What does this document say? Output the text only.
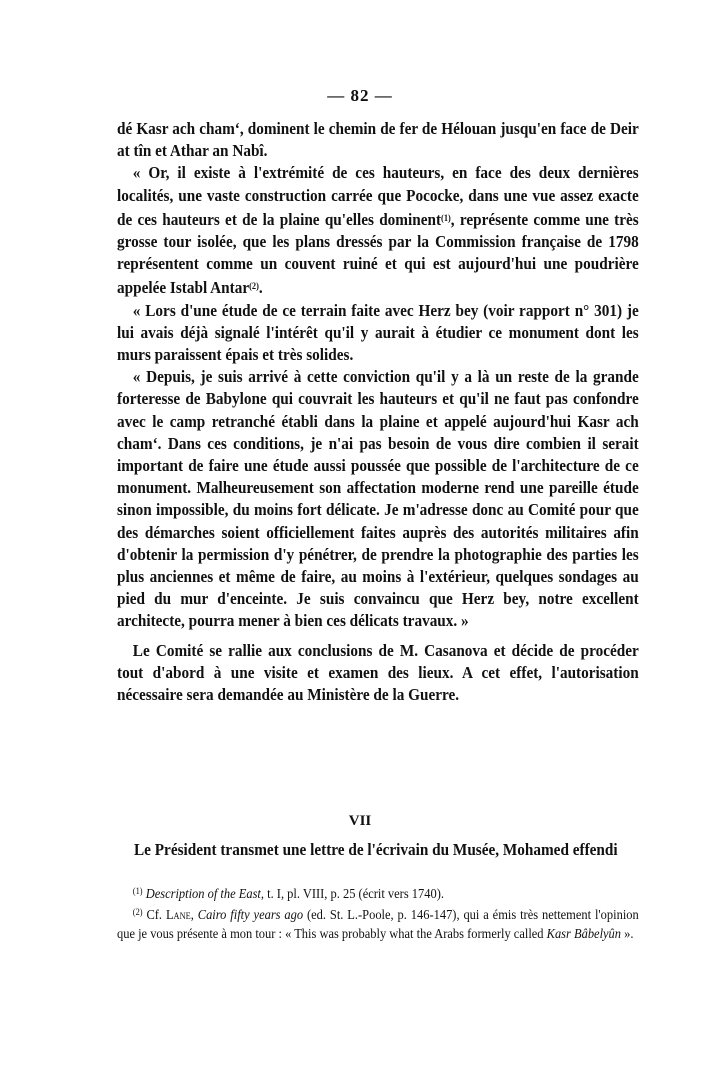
— 82 —

dé Kasr ach cham‘, dominent le chemin de fer de Hélouan jusqu'en face de Deir at tîn et Athar an Nabî.

« Or, il existe à l'extrémité de ces hauteurs, en face des deux dernières localités, une vaste construction carrée que Pococke, dans une vue assez exacte de ces hauteurs et de la plaine qu'elles dominent$^{(1)}$, représente comme une très grosse tour isolée, que les plans dressés par la Commission française de 1798 représentent comme un couvent ruiné et qui est aujourd'hui une poudrière appelée Istabl Antar$^{(2)}$.

« Lors d'une étude de ce terrain faite avec Herz bey (voir rapport n° 301) je lui avais déjà signalé l'intérêt qu'il y aurait à étudier ce monument dont les murs paraissent épais et très solides.

« Depuis, je suis arrivé à cette conviction qu'il y a là un reste de la grande forteresse de Babylone qui couvrait les hauteurs et qu'il ne faut pas confondre avec le camp retranché établi dans la plaine et appelé aujourd'hui Kasr ach cham‘. Dans ces conditions, je n'ai pas besoin de vous dire combien il serait important de faire une étude aussi poussée que possible de l'architecture de ce monument. Malheureusement son affectation moderne rend une pareille étude sinon impossible, du moins fort délicate. Je m'adresse donc au Comité pour que des démarches soient officiellement faites auprès des autorités militaires afin d'obtenir la permission d'y pénétrer, de prendre la photographie des parties les plus anciennes et même de faire, au moins à l'extérieur, quelques sondages au pied du mur d'enceinte. Je suis convaincu que Herz bey, notre excellent architecte, pourra mener à bien ces délicats travaux. »

Le Comité se rallie aux conclusions de M. Casanova et décide de procéder tout d'abord à une visite et examen des lieux. A cet effet, l'autorisation nécessaire sera demandée au Ministère de la Guerre.

VII
Le Président transmet une lettre de l'écrivain du Musée, Mohamed effendi

$^{(1)}$ Description of the East, t. I, pl. VIII, p. 25 (écrit vers 1740).

$^{(2)}$ Cf. Lane, Cairo fifty years ago (ed. St. L.-Poole, p. 146-147), qui a émis très nettement l'opinion que je vous présente à mon tour : « This was probably what the Arabs formerly called Kasr Bâbelyûn ».
